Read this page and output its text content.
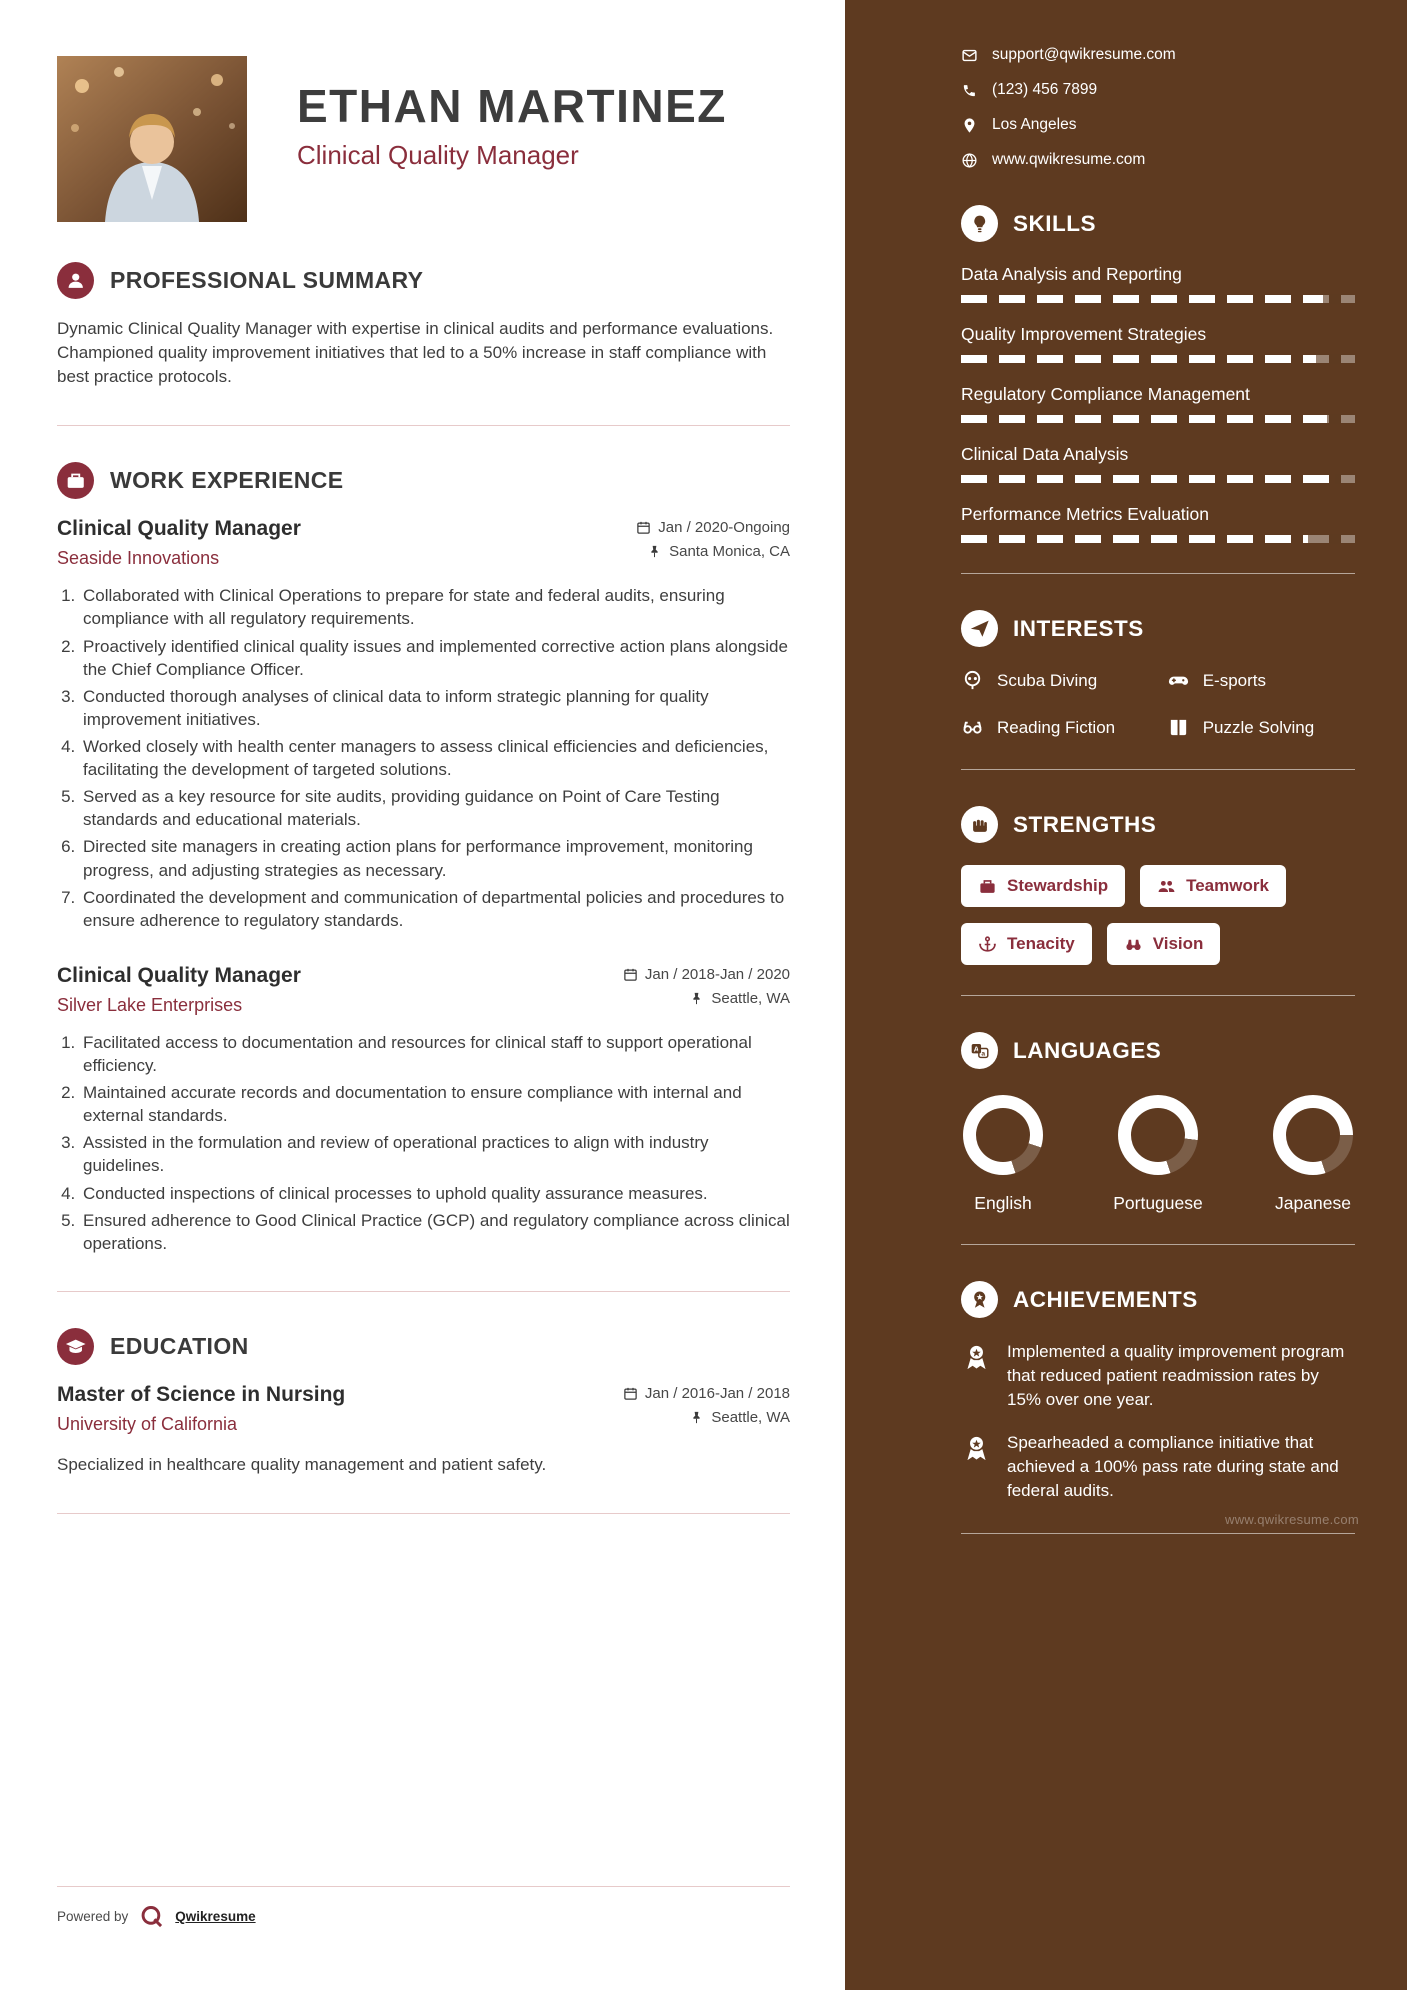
ETHAN MARTINEZ
Clinical Quality Manager
PROFESSIONAL SUMMARY

Dynamic Clinical Quality Manager with expertise in clinical audits and performance evaluations. Championed quality improvement initiatives that led to a 50% increase in staff compliance with best practice protocols.

WORK EXPERIENCE
Clinical Quality Manager
Seaside Innovations
Jan / 2020-Ongoing
Santa Monica, CA
1. Collaborated with Clinical Operations to prepare for state and federal audits, ensuring compliance with all regulatory requirements.
2. Proactively identified clinical quality issues and implemented corrective action plans alongside the Chief Compliance Officer.
3. Conducted thorough analyses of clinical data to inform strategic planning for quality improvement initiatives.
4. Worked closely with health center managers to assess clinical efficiencies and deficiencies, facilitating the development of targeted solutions.
5. Served as a key resource for site audits, providing guidance on Point of Care Testing standards and educational materials.
6. Directed site managers in creating action plans for performance improvement, monitoring progress, and adjusting strategies as necessary.
7. Coordinated the development and communication of departmental policies and procedures to ensure adherence to regulatory standards.
Clinical Quality Manager
Silver Lake Enterprises
Jan / 2018-Jan / 2020
Seattle, WA
1. Facilitated access to documentation and resources for clinical staff to support operational efficiency.
2. Maintained accurate records and documentation to ensure compliance with internal and external standards.
3. Assisted in the formulation and review of operational practices to align with industry guidelines.
4. Conducted inspections of clinical processes to uphold quality assurance measures.
5. Ensured adherence to Good Clinical Practice (GCP) and regulatory compliance across clinical operations.
EDUCATION
Master of Science in Nursing
University of California
Jan / 2016-Jan / 2018
Seattle, WA

Specialized in healthcare quality management and patient safety.

Powered by	Qwikresume
support@qwikresume.com
(123) 456 7899
Los Angeles
www.qwikresume.com
SKILLS
Data Analysis and Reporting
Quality Improvement Strategies
Regulatory Compliance Management
Clinical Data Analysis
Performance Metrics Evaluation
INTERESTS
Scuba Diving	E-sports
Reading Fiction	Puzzle Solving
STRENGTHS
Stewardship	Teamwork
Tenacity	Vision
A
a LANGUAGES
English	Portuguese	Japanese
ACHIEVEMENTS
Implemented a quality improvement program that reduced patient readmission rates by 15% over one year.
Spearheaded a compliance initiative that achieved a 100% pass rate during state and federal audits.
www.qwikresume.com
